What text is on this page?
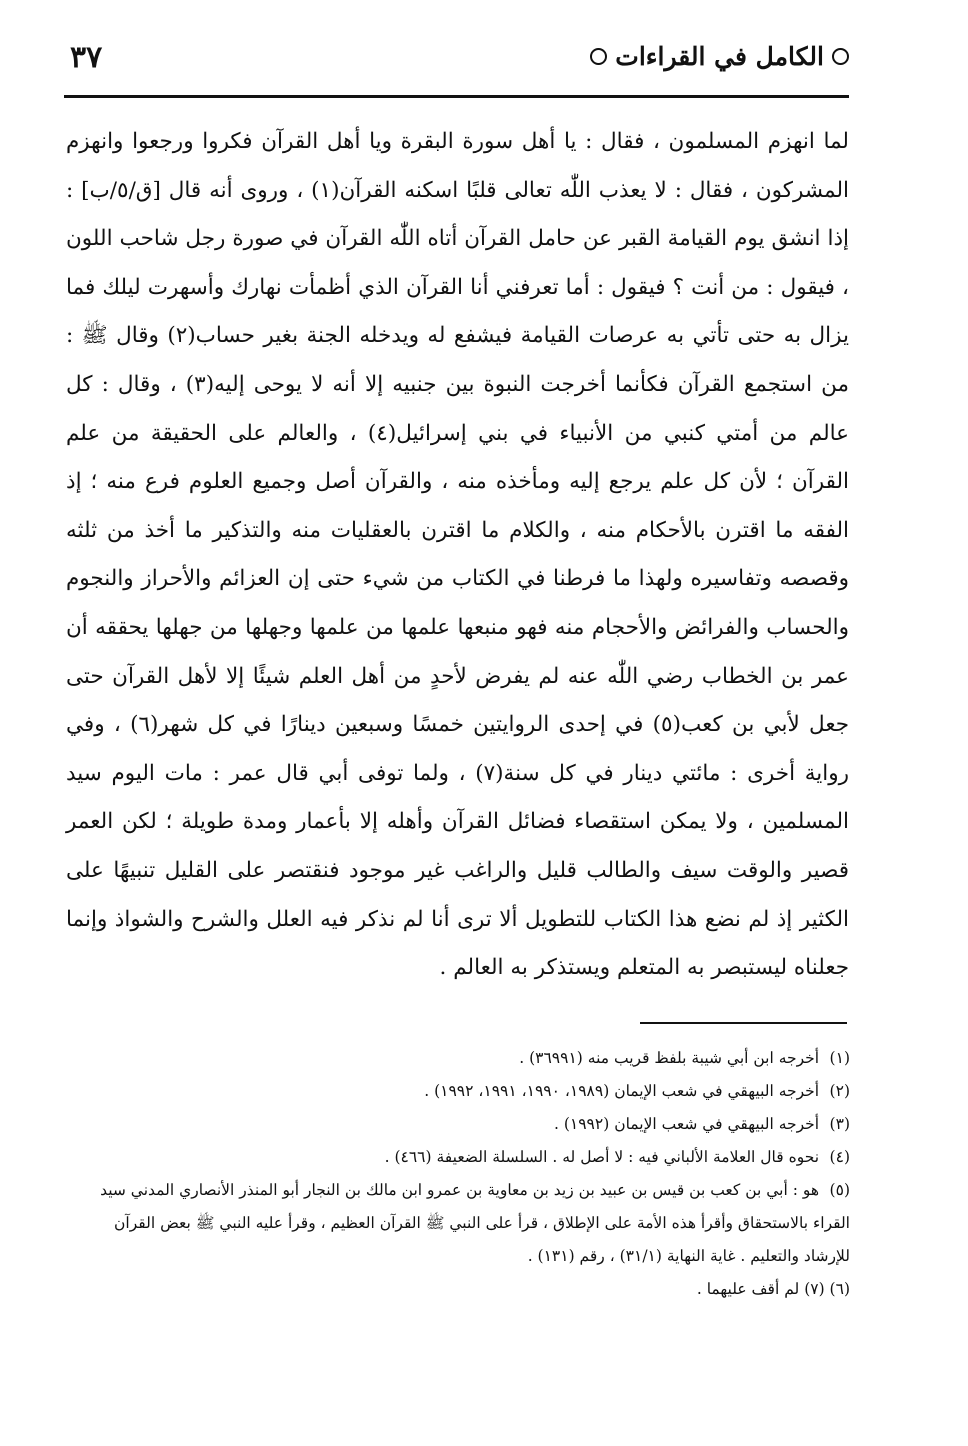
الكامل في القراءات
٣٧

لما انهزم المسلمون ، فقال : يا أهل سورة البقرة ويا أهل القرآن فكروا ورجعوا وانهزم المشركون ، فقال : لا يعذب اللّٰه تعالى قلبًا اسكنه القرآن(١) ، وروى أنه قال [ق/٥/ب] : إذا انشق يوم القيامة القبر عن حامل القرآن أتاه اللّٰه القرآن في صورة رجل شاحب اللون ، فيقول : من أنت ؟ فيقول : أما تعرفني أنا القرآن الذي أظمأت نهارك وأسهرت ليلك فما يزال به حتى تأتي به عرصات القيامة فيشفع له ويدخله الجنة بغير حساب(٢) وقال ﷺ : من استجمع القرآن فكأنما أخرجت النبوة بين جنبيه إلا أنه لا يوحى إليه(٣) ، وقال : كل عالم من أمتي كنبي من الأنبياء في بني إسرائيل(٤) ، والعالم على الحقيقة من علم القرآن ؛ لأن كل علم يرجع إليه ومأخذه منه ، والقرآن أصل وجميع العلوم فرع منه ؛ إذ الفقه ما اقترن بالأحكام منه ، والكلام ما اقترن بالعقليات منه والتذكير ما أخذ من ثلثه وقصصه وتفاسيره ولهذا ما فرطنا في الكتاب من شيء حتى إن العزائم والأحراز والنجوم والحساب والفرائض والأحجام منه فهو منبعها علمها من علمها وجهلها من جهلها يحققه أن عمر بن الخطاب رضي اللّٰه عنه لم يفرض لأحدٍ من أهل العلم شيئًا إلا لأهل القرآن حتى جعل لأبي بن كعب(٥) في إحدى الروايتين خمسًا وسبعين دينارًا في كل شهر(٦) ، وفي رواية أخرى : مائتي دينار في كل سنة(٧) ، ولما توفى أبي قال عمر : مات اليوم سيد المسلمين ، ولا يمكن استقصاء فضائل القرآن وأهله إلا بأعمار ومدة طويلة ؛ لكن العمر قصير والوقت سيف والطالب قليل والراغب غير موجود فنقتصر على القليل تنبيهًا على الكثير إذ لم نضع هذا الكتاب للتطويل ألا ترى أنا لم نذكر فيه العلل والشرح والشواذ وإنما جعلناه ليستبصر به المتعلم ويستذكر به العالم .

(١) أخرجه ابن أبي شيبة بلفظ قريب منه (٣٦٩٩١) .

(٢) أخرجه البيهقي في شعب الإيمان (١٩٨٩، ١٩٩٠، ١٩٩١، ١٩٩٢) .

(٣) أخرجه البيهقي في شعب الإيمان (١٩٩٢) .

(٤) نحوه قال العلامة الألباني فيه : لا أصل له . السلسلة الضعيفة (٤٦٦) .

(٥) هو : أبي بن كعب بن قيس بن عبيد بن زيد بن معاوية بن عمرو ابن مالك بن النجار أبو المنذر الأنصاري المدني سيد القراء بالاستحقاق وأقرأ هذه الأمة على الإطلاق ، قرأ على النبي ﷺ القرآن العظيم ، وقرأ عليه النبي ﷺ بعض القرآن للإرشاد والتعليم . غاية النهاية (٣١/١) ، رقم (١٣١) .

(٦) (٧) لم أقف عليهما .
